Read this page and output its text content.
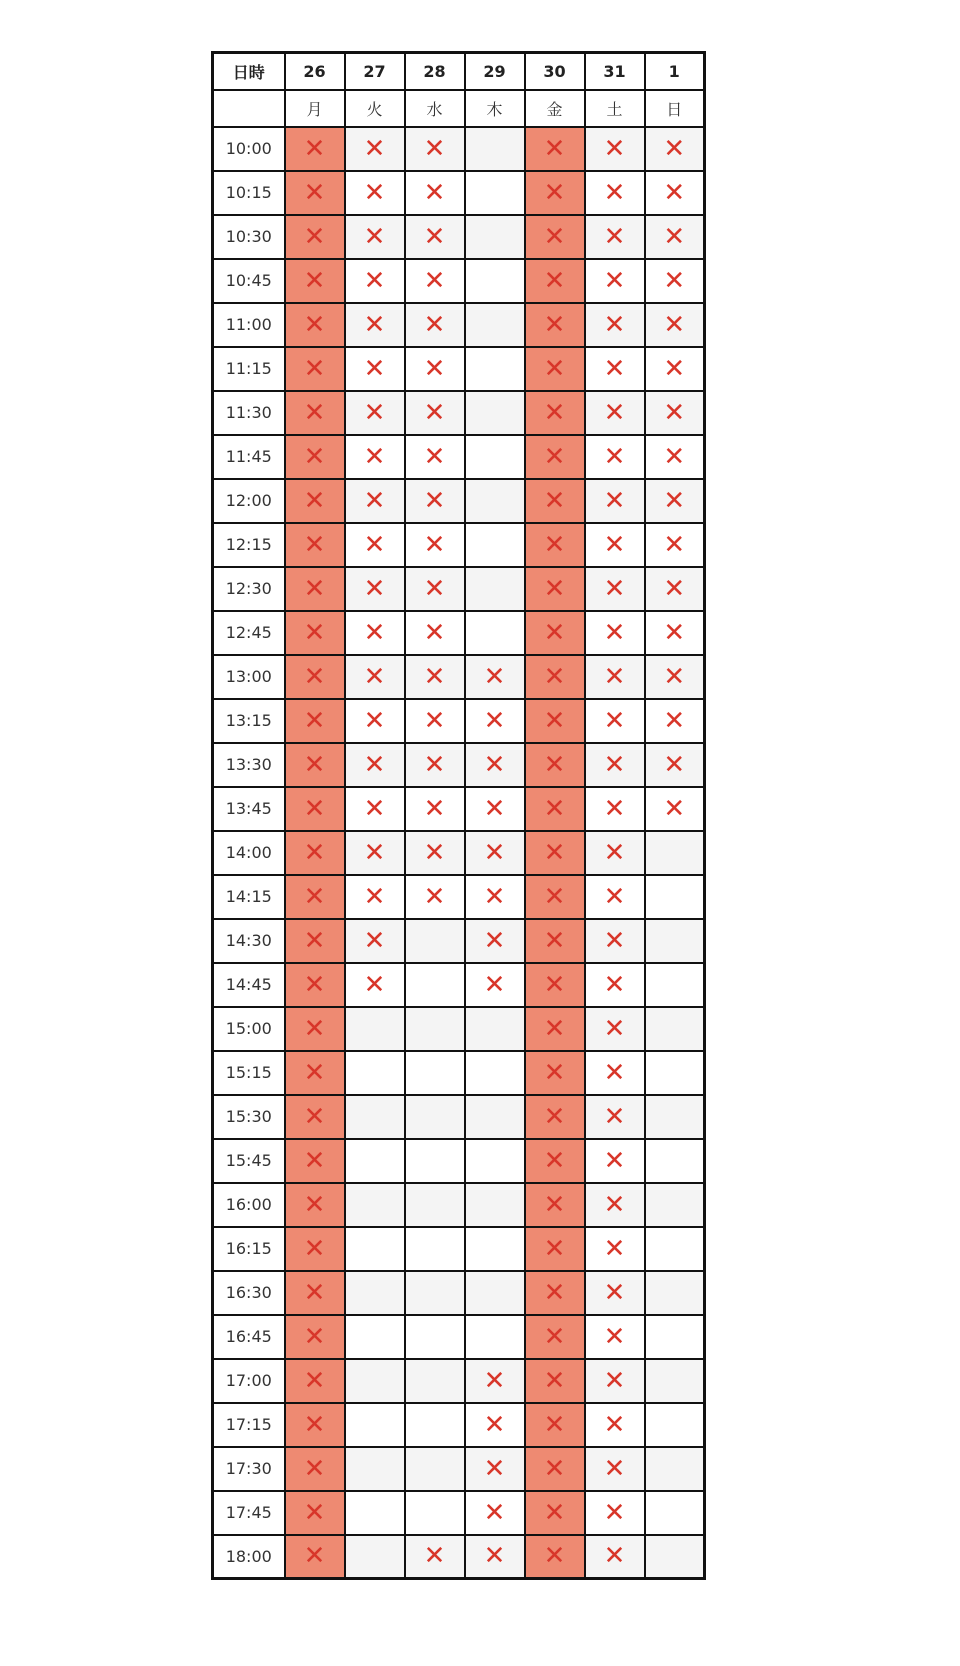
日時	26	27	28	29	30	31	1
	月	火	水	木	金	土	日
10:00	✕	✕	✕		✕	✕	✕
10:15	✕	✕	✕		✕	✕	✕
10:30	✕	✕	✕		✕	✕	✕
10:45	✕	✕	✕		✕	✕	✕
11:00	✕	✕	✕		✕	✕	✕
11:15	✕	✕	✕		✕	✕	✕
11:30	✕	✕	✕		✕	✕	✕
11:45	✕	✕	✕		✕	✕	✕
12:00	✕	✕	✕		✕	✕	✕
12:15	✕	✕	✕		✕	✕	✕
12:30	✕	✕	✕		✕	✕	✕
12:45	✕	✕	✕		✕	✕	✕
13:00	✕	✕	✕	✕	✕	✕	✕
13:15	✕	✕	✕	✕	✕	✕	✕
13:30	✕	✕	✕	✕	✕	✕	✕
13:45	✕	✕	✕	✕	✕	✕	✕
14:00	✕	✕	✕	✕	✕	✕	
14:15	✕	✕	✕	✕	✕	✕	
14:30	✕	✕		✕	✕	✕	
14:45	✕	✕		✕	✕	✕	
15:00	✕				✕	✕	
15:15	✕				✕	✕	
15:30	✕				✕	✕	
15:45	✕				✕	✕	
16:00	✕				✕	✕	
16:15	✕				✕	✕	
16:30	✕				✕	✕	
16:45	✕				✕	✕	
17:00	✕			✕	✕	✕	
17:15	✕			✕	✕	✕	
17:30	✕			✕	✕	✕	
17:45	✕			✕	✕	✕	
18:00	✕		✕	✕	✕	✕	
